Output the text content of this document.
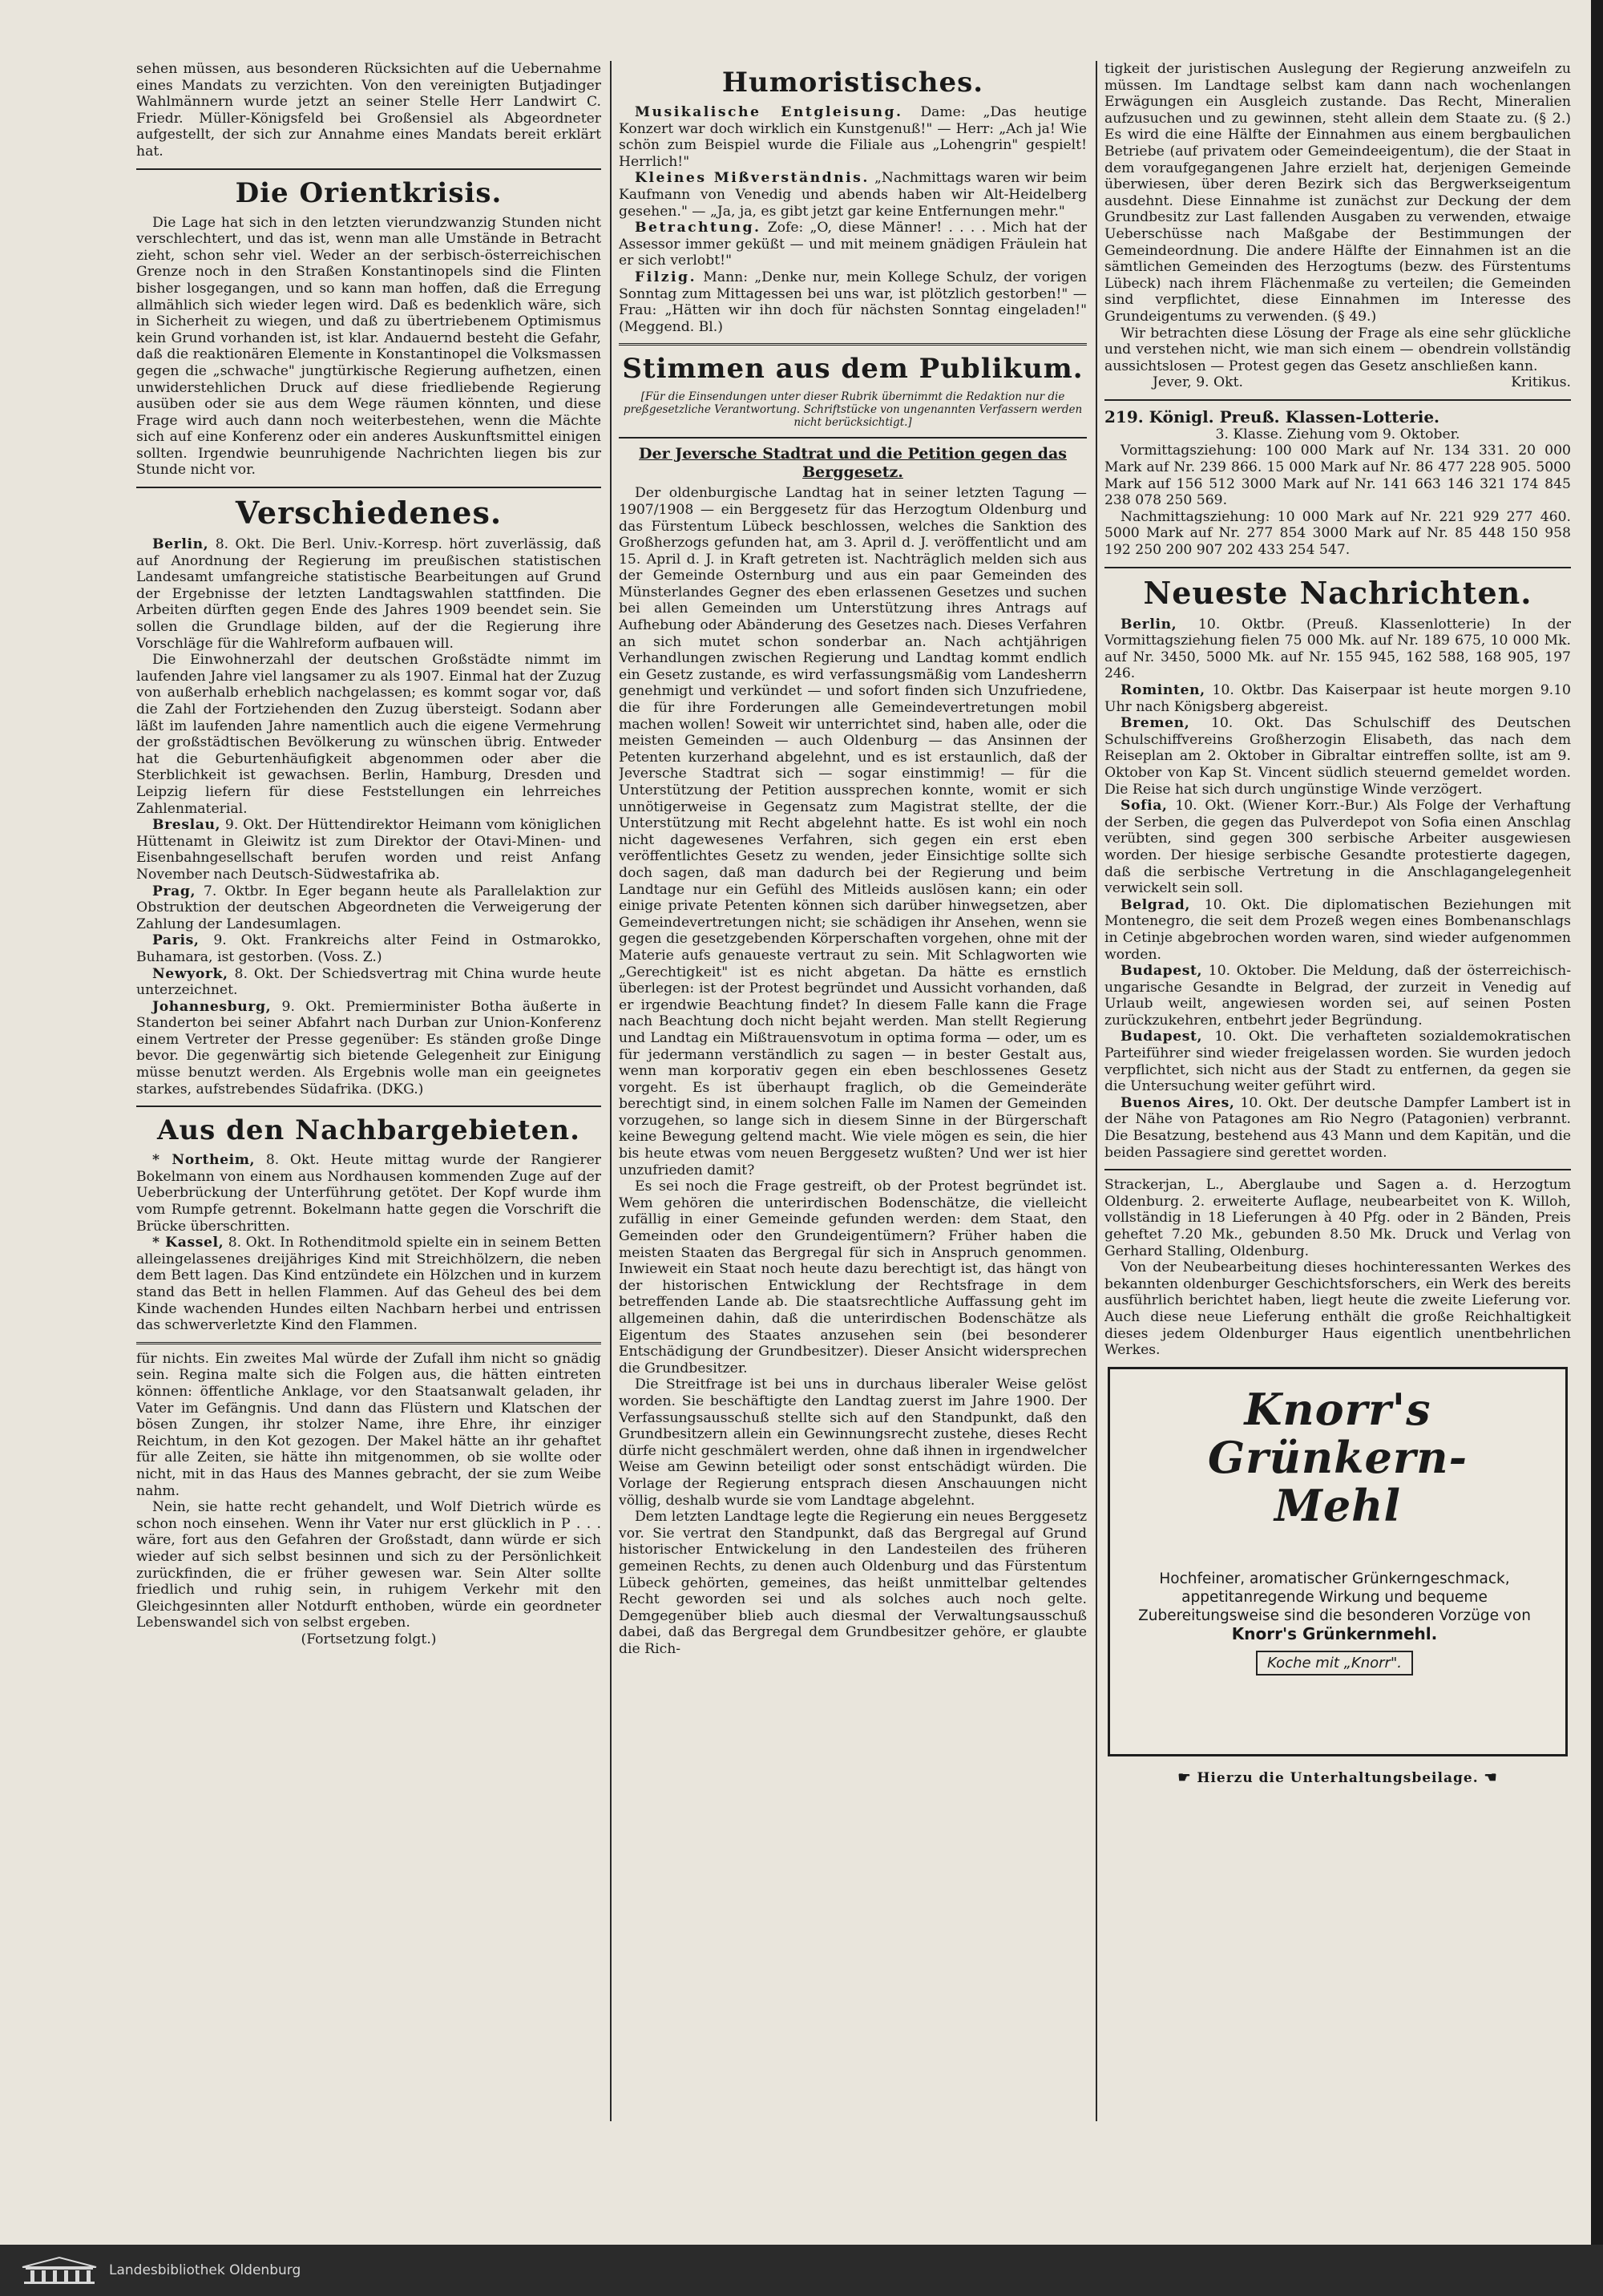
sehen müssen, aus besonderen Rücksichten auf die Uebernahme eines Mandats zu verzichten. Von den vereinigten Butjadinger Wahlmännern wurde jetzt an seiner Stelle Herr Landwirt C. Friedr. Müller-Königsfeld bei Großensiel als Abgeordneter aufgestellt, der sich zur Annahme eines Mandats bereit erklärt hat.

Die Orientkrisis.

Die Lage hat sich in den letzten vierundzwanzig Stunden nicht verschlechtert, und das ist, wenn man alle Umstände in Betracht zieht, schon sehr viel. Weder an der serbisch-österreichischen Grenze noch in den Straßen Konstantinopels sind die Flinten bisher losgegangen, und so kann man hoffen, daß die Erregung allmählich sich wieder legen wird. Daß es bedenklich wäre, sich in Sicherheit zu wiegen, und daß zu übertriebenem Optimismus kein Grund vorhanden ist, ist klar. Andauernd besteht die Gefahr, daß die reaktionären Elemente in Konstantinopel die Volksmassen gegen die „schwache" jungtürkische Regierung aufhetzen, einen unwiderstehlichen Druck auf diese friedliebende Regierung ausüben oder sie aus dem Wege räumen könnten, und diese Frage wird auch dann noch weiterbestehen, wenn die Mächte sich auf eine Konferenz oder ein anderes Auskunftsmittel einigen sollten. Irgendwie beunruhigende Nachrichten liegen bis zur Stunde nicht vor.

Verschiedenes.

Berlin, 8. Okt. Die Berl. Univ.-Korresp. hört zuverlässig, daß auf Anordnung der Regierung im preußischen statistischen Landesamt umfangreiche statistische Bearbeitungen auf Grund der Ergebnisse der letzten Landtagswahlen stattfinden. Die Arbeiten dürften gegen Ende des Jahres 1909 beendet sein. Sie sollen die Grundlage bilden, auf der die Regierung ihre Vorschläge für die Wahlreform aufbauen will.

Die Einwohnerzahl der deutschen Großstädte nimmt im laufenden Jahre viel langsamer zu als 1907. Einmal hat der Zuzug von außerhalb erheblich nachgelassen; es kommt sogar vor, daß die Zahl der Fortziehenden den Zuzug übersteigt. Sodann aber läßt im laufenden Jahre namentlich auch die eigene Vermehrung der großstädtischen Bevölkerung zu wünschen übrig. Entweder hat die Geburtenhäufigkeit abgenommen oder aber die Sterblichkeit ist gewachsen. Berlin, Hamburg, Dresden und Leipzig liefern für diese Feststellungen ein lehrreiches Zahlenmaterial.

Breslau, 9. Okt. Der Hüttendirektor Heimann vom königlichen Hüttenamt in Gleiwitz ist zum Direktor der Otavi-Minen- und Eisenbahngesellschaft berufen worden und reist Anfang November nach Deutsch-Südwestafrika ab.

Prag, 7. Oktbr. In Eger begann heute als Parallelaktion zur Obstruktion der deutschen Abgeordneten die Verweigerung der Zahlung der Landesumlagen.

Paris, 9. Okt. Frankreichs alter Feind in Ostmarokko, Buhamara, ist gestorben. (Voss. Z.)

Newyork, 8. Okt. Der Schiedsvertrag mit China wurde heute unterzeichnet.

Johannesburg, 9. Okt. Premierminister Botha äußerte in Standerton bei seiner Abfahrt nach Durban zur Union-Konferenz einem Vertreter der Presse gegenüber: Es ständen große Dinge bevor. Die gegenwärtig sich bietende Gelegenheit zur Einigung müsse benutzt werden. Als Ergebnis wolle man ein geeignetes starkes, aufstrebendes Südafrika. (DKG.)

Aus den Nachbargebieten.

* Northeim, 8. Okt. Heute mittag wurde der Rangierer Bokelmann von einem aus Nordhausen kommenden Zuge auf der Ueberbrückung der Unterführung getötet. Der Kopf wurde ihm vom Rumpfe getrennt. Bokelmann hatte gegen die Vorschrift die Brücke überschritten.

* Kassel, 8. Okt. In Rothenditmold spielte ein in seinem Betten alleingelassenes dreijähriges Kind mit Streichhölzern, die neben dem Bett lagen. Das Kind entzündete ein Hölzchen und in kurzem stand das Bett in hellen Flammen. Auf das Geheul des bei dem Kinde wachenden Hundes eilten Nachbarn herbei und entrissen das schwerverletzte Kind den Flammen.

für nichts. Ein zweites Mal würde der Zufall ihm nicht so gnädig sein. Regina malte sich die Folgen aus, die hätten eintreten können: öffentliche Anklage, vor den Staatsanwalt geladen, ihr Vater im Gefängnis. Und dann das Flüstern und Klatschen der bösen Zungen, ihr stolzer Name, ihre Ehre, ihr einziger Reichtum, in den Kot gezogen. Der Makel hätte an ihr gehaftet für alle Zeiten, sie hätte ihn mitgenommen, ob sie wollte oder nicht, mit in das Haus des Mannes gebracht, der sie zum Weibe nahm.

Nein, sie hatte recht gehandelt, und Wolf Dietrich würde es schon noch einsehen. Wenn ihr Vater nur erst glücklich in P . . . wäre, fort aus den Gefahren der Großstadt, dann würde er sich wieder auf sich selbst besinnen und sich zu der Persönlichkeit zurückfinden, die er früher gewesen war. Sein Alter sollte friedlich und ruhig sein, in ruhigem Verkehr mit den Gleichgesinnten aller Notdurft enthoben, würde ein geordneter Lebenswandel sich von selbst ergeben.

(Fortsetzung folgt.)

Humoristisches.

Musikalische Entgleisung. Dame: „Das heutige Konzert war doch wirklich ein Kunstgenuß!" — Herr: „Ach ja! Wie schön zum Beispiel wurde die Filiale aus „Lohengrin" gespielt! Herrlich!"

Kleines Mißverständnis. „Nachmittags waren wir beim Kaufmann von Venedig und abends haben wir Alt-Heidelberg gesehen." — „Ja, ja, es gibt jetzt gar keine Entfernungen mehr."

Betrachtung. Zofe: „O, diese Männer! . . . . Mich hat der Assessor immer geküßt — und mit meinem gnädigen Fräulein hat er sich verlobt!"

Filzig. Mann: „Denke nur, mein Kollege Schulz, der vorigen Sonntag zum Mittagessen bei uns war, ist plötzlich gestorben!" — Frau: „Hätten wir ihn doch für nächsten Sonntag eingeladen!" (Meggend. Bl.)

Stimmen aus dem Publikum.

[Für die Einsendungen unter dieser Rubrik übernimmt die Redaktion nur die preßgesetzliche Verantwortung. Schriftstücke von ungenannten Verfassern werden nicht berücksichtigt.]

Der Jeversche Stadtrat und die Petition gegen das Berggesetz.

Der oldenburgische Landtag hat in seiner letzten Tagung — 1907/1908 — ein Berggesetz für das Herzogtum Oldenburg und das Fürstentum Lübeck beschlossen, welches die Sanktion des Großherzogs gefunden hat, am 3. April d. J. veröffentlicht und am 15. April d. J. in Kraft getreten ist. Nachträglich melden sich aus der Gemeinde Osternburg und aus ein paar Gemeinden des Münsterlandes Gegner des eben erlassenen Gesetzes und suchen bei allen Gemeinden um Unterstützung ihres Antrags auf Aufhebung oder Abänderung des Gesetzes nach. Dieses Verfahren an sich mutet schon sonderbar an. Nach achtjährigen Verhandlungen zwischen Regierung und Landtag kommt endlich ein Gesetz zustande, es wird verfassungsmäßig vom Landesherrn genehmigt und verkündet — und sofort finden sich Unzufriedene, die für ihre Forderungen alle Gemeindevertretungen mobil machen wollen! Soweit wir unterrichtet sind, haben alle, oder die meisten Gemeinden — auch Oldenburg — das Ansinnen der Petenten kurzerhand abgelehnt, und es ist erstaunlich, daß der Jeversche Stadtrat sich — sogar einstimmig! — für die Unterstützung der Petition aussprechen konnte, womit er sich unnötigerweise in Gegensatz zum Magistrat stellte, der die Unterstützung mit Recht abgelehnt hatte. Es ist wohl ein noch nicht dagewesenes Verfahren, sich gegen ein erst eben veröffentlichtes Gesetz zu wenden, jeder Einsichtige sollte sich doch sagen, daß man dadurch bei der Regierung und beim Landtage nur ein Gefühl des Mitleids auslösen kann; ein oder einige private Petenten können sich darüber hinwegsetzen, aber Gemeindevertretungen nicht; sie schädigen ihr Ansehen, wenn sie gegen die gesetzgebenden Körperschaften vorgehen, ohne mit der Materie aufs genaueste vertraut zu sein. Mit Schlagworten wie „Gerechtigkeit" ist es nicht abgetan. Da hätte es ernstlich überlegen: ist der Protest begründet und Aussicht vorhanden, daß er irgendwie Beachtung findet? In diesem Falle kann die Frage nach Beachtung doch nicht bejaht werden. Man stellt Regierung und Landtag ein Mißtrauensvotum in optima forma — oder, um es für jedermann verständlich zu sagen — in bester Gestalt aus, wenn man korporativ gegen ein eben beschlossenes Gesetz vorgeht. Es ist überhaupt fraglich, ob die Gemeinderäte berechtigt sind, in einem solchen Falle im Namen der Gemeinden vorzugehen, so lange sich in diesem Sinne in der Bürgerschaft keine Bewegung geltend macht. Wie viele mögen es sein, die hier bis heute etwas vom neuen Berggesetz wußten? Und wer ist hier unzufrieden damit?

Es sei noch die Frage gestreift, ob der Protest begründet ist. Wem gehören die unterirdischen Bodenschätze, die vielleicht zufällig in einer Gemeinde gefunden werden: dem Staat, den Gemeinden oder den Grundeigentümern? Früher haben die meisten Staaten das Bergregal für sich in Anspruch genommen. Inwieweit ein Staat noch heute dazu berechtigt ist, das hängt von der historischen Entwicklung der Rechtsfrage in dem betreffenden Lande ab. Die staatsrechtliche Auffassung geht im allgemeinen dahin, daß die unterirdischen Bodenschätze als Eigentum des Staates anzusehen sein (bei besonderer Entschädigung der Grundbesitzer). Dieser Ansicht widersprechen die Grundbesitzer.

Die Streitfrage ist bei uns in durchaus liberaler Weise gelöst worden. Sie beschäftigte den Landtag zuerst im Jahre 1900. Der Verfassungsausschuß stellte sich auf den Standpunkt, daß den Grundbesitzern allein ein Gewinnungsrecht zustehe, dieses Recht dürfe nicht geschmälert werden, ohne daß ihnen in irgendwelcher Weise am Gewinn beteiligt oder sonst entschädigt würden. Die Vorlage der Regierung entsprach diesen Anschauungen nicht völlig, deshalb wurde sie vom Landtage abgelehnt.

Dem letzten Landtage legte die Regierung ein neues Berggesetz vor. Sie vertrat den Standpunkt, daß das Bergregal auf Grund historischer Entwickelung in den Landesteilen des früheren gemeinen Rechts, zu denen auch Oldenburg und das Fürstentum Lübeck gehörten, gemeines, das heißt unmittelbar geltendes Recht geworden sei und als solches auch noch gelte. Demgegenüber blieb auch diesmal der Verwaltungsausschuß dabei, daß das Bergregal dem Grundbesitzer gehöre, er glaubte die Rich-

tigkeit der juristischen Auslegung der Regierung anzweifeln zu müssen. Im Landtage selbst kam dann nach wochenlangen Erwägungen ein Ausgleich zustande. Das Recht, Mineralien aufzusuchen und zu gewinnen, steht allein dem Staate zu. (§ 2.) Es wird die eine Hälfte der Einnahmen aus einem bergbaulichen Betriebe (auf privatem oder Gemeindeeigentum), die der Staat in dem voraufgegangenen Jahre erzielt hat, derjenigen Gemeinde überwiesen, über deren Bezirk sich das Bergwerkseigentum ausdehnt. Diese Einnahme ist zunächst zur Deckung der dem Grundbesitz zur Last fallenden Ausgaben zu verwenden, etwaige Ueberschüsse nach Maßgabe der Bestimmungen der Gemeindeordnung. Die andere Hälfte der Einnahmen ist an die sämtlichen Gemeinden des Herzogtums (bezw. des Fürstentums Lübeck) nach ihrem Flächenmaße zu verteilen; die Gemeinden sind verpflichtet, diese Einnahmen im Interesse des Grundeigentums zu verwenden. (§ 49.)

Wir betrachten diese Lösung der Frage als eine sehr glückliche und verstehen nicht, wie man sich einem — obendrein vollständig aussichtslosen — Protest gegen das Gesetz anschließen kann.

Jever, 9. Okt.	Kritikus.

219. Königl. Preuß. Klassen-Lotterie.

3. Klasse. Ziehung vom 9. Oktober.

Vormittagsziehung: 100 000 Mark auf Nr. 134 331. 20 000 Mark auf Nr. 239 866. 15 000 Mark auf Nr. 86 477 228 905. 5000 Mark auf 156 512 3000 Mark auf Nr. 141 663 146 321 174 845 238 078 250 569.

Nachmittagsziehung: 10 000 Mark auf Nr. 221 929 277 460. 5000 Mark auf Nr. 277 854 3000 Mark auf Nr. 85 448 150 958 192 250 200 907 202 433 254 547.

Neueste Nachrichten.

Berlin, 10. Oktbr. (Preuß. Klassenlotterie) In der Vormittagsziehung fielen 75 000 Mk. auf Nr. 189 675, 10 000 Mk. auf Nr. 3450, 5000 Mk. auf Nr. 155 945, 162 588, 168 905, 197 246.

Rominten, 10. Oktbr. Das Kaiserpaar ist heute morgen 9.10 Uhr nach Königsberg abgereist.

Bremen, 10. Okt. Das Schulschiff des Deutschen Schulschiffvereins Großherzogin Elisabeth, das nach dem Reiseplan am 2. Oktober in Gibraltar eintreffen sollte, ist am 9. Oktober von Kap St. Vincent südlich steuernd gemeldet worden. Die Reise hat sich durch ungünstige Winde verzögert.

Sofia, 10. Okt. (Wiener Korr.-Bur.) Als Folge der Verhaftung der Serben, die gegen das Pulverdepot von Sofia einen Anschlag verübten, sind gegen 300 serbische Arbeiter ausgewiesen worden. Der hiesige serbische Gesandte protestierte dagegen, daß die serbische Vertretung in die Anschlagangelegenheit verwickelt sein soll.

Belgrad, 10. Okt. Die diplomatischen Beziehungen mit Montenegro, die seit dem Prozeß wegen eines Bombenanschlags in Cetinje abgebrochen worden waren, sind wieder aufgenommen worden.

Budapest, 10. Oktober. Die Meldung, daß der österreichisch-ungarische Gesandte in Belgrad, der zurzeit in Venedig auf Urlaub weilt, angewiesen worden sei, auf seinen Posten zurückzukehren, entbehrt jeder Begründung.

Budapest, 10. Okt. Die verhafteten sozialdemokratischen Parteiführer sind wieder freigelassen worden. Sie wurden jedoch verpflichtet, sich nicht aus der Stadt zu entfernen, da gegen sie die Untersuchung weiter geführt wird.

Buenos Aires, 10. Okt. Der deutsche Dampfer Lambert ist in der Nähe von Patagones am Rio Negro (Patagonien) verbrannt. Die Besatzung, bestehend aus 43 Mann und dem Kapitän, und die beiden Passagiere sind gerettet worden.

Strackerjan, L., Aberglaube und Sagen a. d. Herzogtum Oldenburg. 2. erweiterte Auflage, neubearbeitet von K. Willoh, vollständig in 18 Lieferungen à 40 Pfg. oder in 2 Bänden, Preis geheftet 7.20 Mk., gebunden 8.50 Mk. Druck und Verlag von Gerhard Stalling, Oldenburg.

Von der Neubearbeitung dieses hochinteressanten Werkes des bekannten oldenburger Geschichtsforschers, ein Werk des bereits ausführlich berichtet haben, liegt heute die zweite Lieferung vor. Auch diese neue Lieferung enthält die große Reichhaltigkeit dieses jedem Oldenburger Haus eigentlich unentbehrlichen Werkes.

Knorr's
Grünkern-
Mehl
Hochfeiner, aromatischer Grünkerngeschmack, appetitanregende Wirkung und bequeme Zubereitungsweise sind die besonderen Vorzüge von
Knorr's Grünkernmehl.
Koche mit „Knorr".
☛ Hierzu die Unterhaltungsbeilage. ☚
Landesbibliothek Oldenburg
